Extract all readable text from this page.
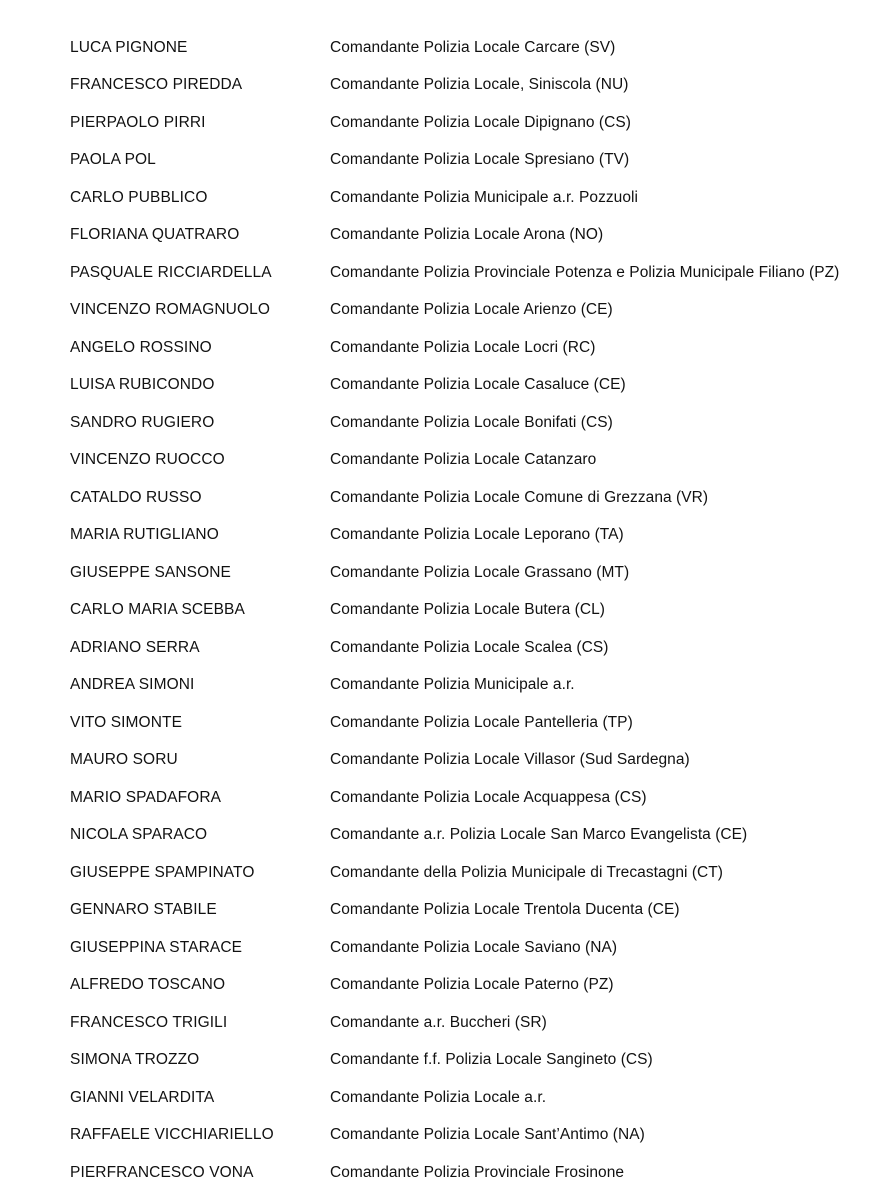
LUCA PIGNONE	Comandante Polizia Locale Carcare (SV)
FRANCESCO PIREDDA	Comandante Polizia Locale, Siniscola (NU)
PIERPAOLO PIRRI	Comandante Polizia Locale Dipignano (CS)
PAOLA POL	Comandante Polizia Locale Spresiano (TV)
CARLO PUBBLICO	Comandante Polizia Municipale a.r. Pozzuoli
FLORIANA QUATRARO	Comandante Polizia Locale Arona (NO)
PASQUALE RICCIARDELLA	Comandante Polizia Provinciale Potenza e Polizia Municipale Filiano (PZ)
VINCENZO ROMAGNUOLO	Comandante Polizia Locale Arienzo (CE)
ANGELO ROSSINO	Comandante Polizia Locale Locri (RC)
LUISA RUBICONDO	Comandante Polizia Locale Casaluce (CE)
SANDRO RUGIERO	Comandante Polizia Locale Bonifati (CS)
VINCENZO RUOCCO	Comandante Polizia Locale Catanzaro
CATALDO RUSSO	Comandante Polizia Locale Comune di Grezzana (VR)
MARIA RUTIGLIANO	Comandante Polizia Locale Leporano (TA)
GIUSEPPE SANSONE	Comandante Polizia Locale Grassano (MT)
CARLO MARIA SCEBBA	Comandante Polizia Locale Butera (CL)
ADRIANO SERRA	Comandante Polizia Locale Scalea (CS)
ANDREA SIMONI	Comandante Polizia Municipale a.r.
VITO SIMONTE	Comandante Polizia Locale Pantelleria (TP)
MAURO SORU	Comandante Polizia Locale Villasor (Sud Sardegna)
MARIO SPADAFORA	Comandante Polizia Locale Acquappesa (CS)
NICOLA SPARACO	Comandante a.r. Polizia Locale San Marco Evangelista (CE)
GIUSEPPE SPAMPINATO	Comandante della Polizia Municipale di Trecastagni (CT)
GENNARO STABILE	Comandante Polizia Locale Trentola Ducenta (CE)
GIUSEPPINA STARACE	Comandante Polizia Locale Saviano (NA)
ALFREDO TOSCANO	Comandante Polizia Locale Paterno (PZ)
FRANCESCO TRIGILI	Comandante a.r. Buccheri (SR)
SIMONA TROZZO	Comandante f.f. Polizia Locale Sangineto (CS)
GIANNI VELARDITA	Comandante Polizia Locale a.r.
RAFFAELE VICCHIARIELLO	Comandante Polizia Locale Sant’Antimo (NA)
PIERFRANCESCO VONA	Comandante Polizia Provinciale Frosinone
